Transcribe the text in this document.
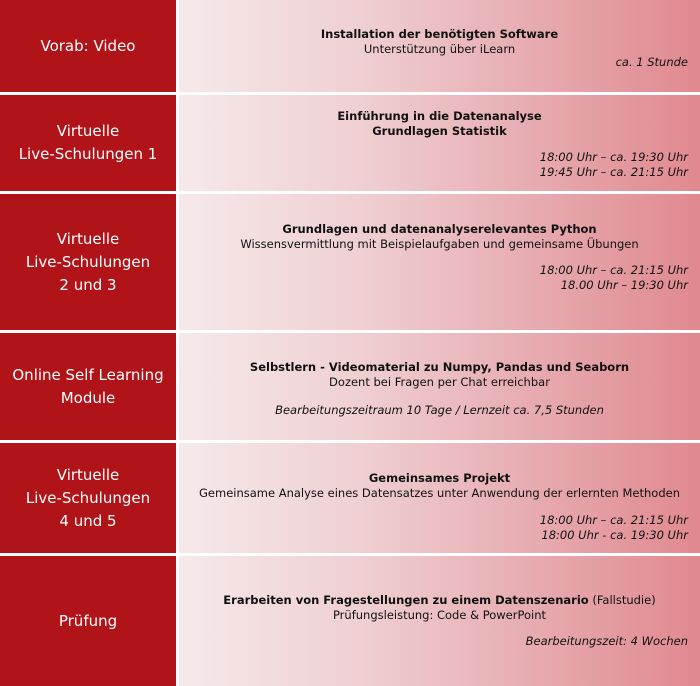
Vorab: Video
Installation der benötigten Software
Unterstützung über iLearn
ca. 1 Stunde
Virtuelle
Live-Schulungen 1
Einführung in die Datenanalyse
Grundlagen Statistik
18:00 Uhr – ca. 19:30 Uhr
19:45 Uhr – ca. 21:15 Uhr
Virtuelle
Live-Schulungen
2 und 3
Grundlagen und datenanalyserelevantes Python
Wissensvermittlung mit Beispielaufgaben und gemeinsame Übungen
18:00 Uhr – ca. 21:15 Uhr
18.00 Uhr – 19:30 Uhr
Online Self Learning
Module
Selbstlern - Videomaterial zu Numpy, Pandas und Seaborn
Dozent bei Fragen per Chat erreichbar
Bearbeitungszeitraum 10 Tage / Lernzeit ca. 7,5 Stunden
Virtuelle
Live-Schulungen
4 und 5
Gemeinsames Projekt
Gemeinsame Analyse eines Datensatzes unter Anwendung der erlernten Methoden
18:00 Uhr – ca. 21:15 Uhr
18:00 Uhr - ca. 19:30 Uhr
Prüfung
Erarbeiten von Fragestellungen zu einem Datenszenario (Fallstudie)
Prüfungsleistung: Code & PowerPoint
Bearbeitungszeit: 4 Wochen
